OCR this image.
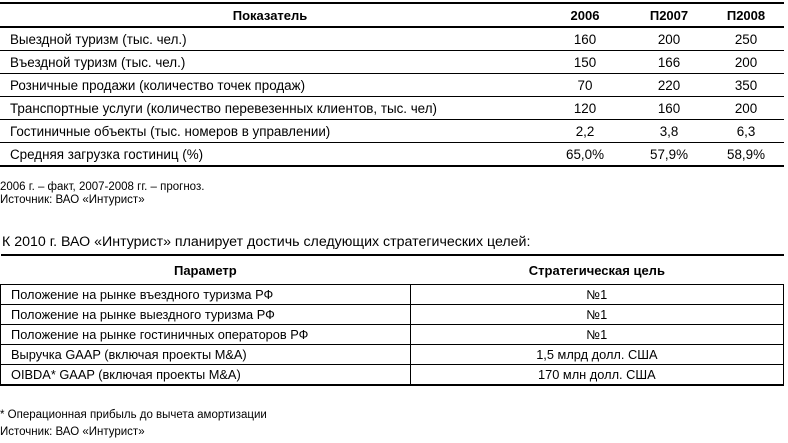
Показатель	2006	П2007	П2008
Выездной туризм (тыс. чел.)	160	200	250
Въездной туризм (тыс. чел.)	150	166	200
Розничные продажи (количество точек продаж)	70	220	350
Транспортные услуги (количество перевезенных клиентов, тыс. чел)	120	160	200
Гостиничные объекты (тыс. номеров в управлении)	2,2	3,8	6,3
Средняя загрузка гостиниц (%)	65,0%	57,9%	58,9%
2006 г. – факт, 2007-2008 гг. – прогноз.
Источник: ВАО «Интурист»
К 2010 г. ВАО «Интурист» планирует достичь следующих стратегических целей:
Параметр	Стратегическая цель
Положение на рынке въездного туризма РФ	№1
Положение на рынке выездного туризма РФ	№1
Положение на рынке гостиничных операторов РФ	№1
Выручка GAAP (включая проекты M&A)	1,5 млрд долл. США
OIBDA* GAAP (включая проекты M&A)	170 млн долл. США
* Операционная прибыль до вычета амортизации
Источник: ВАО «Интурист»
